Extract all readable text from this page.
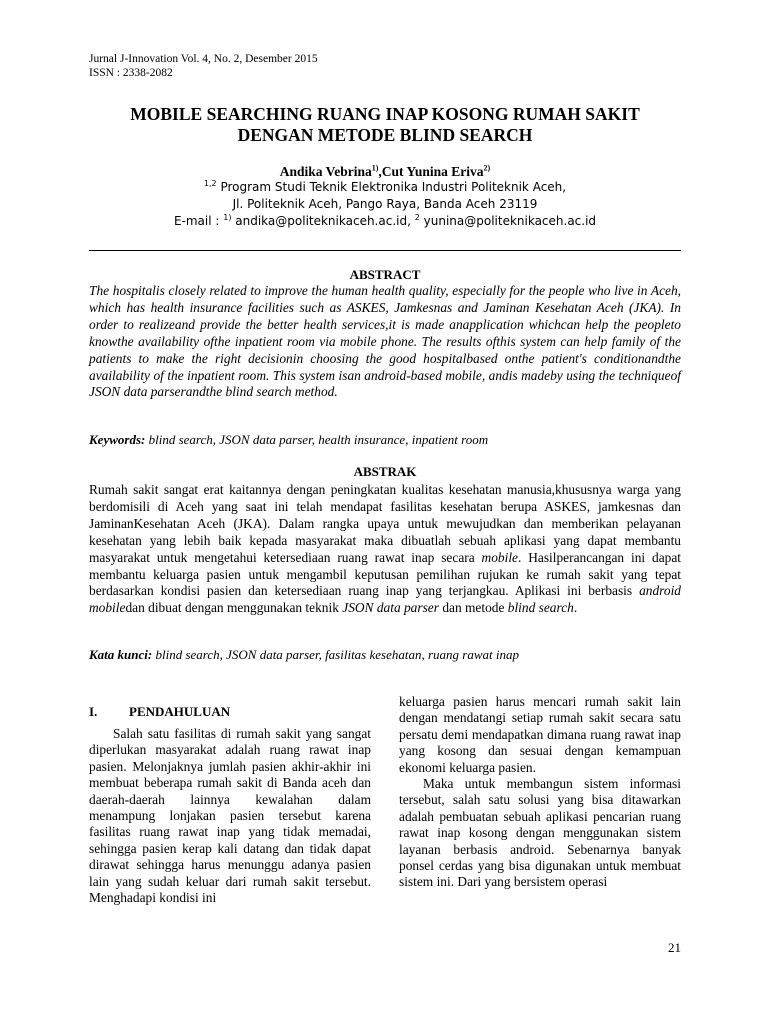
Jurnal J-Innovation Vol. 4, No. 2, Desember 2015
ISSN : 2338-2082
MOBILE SEARCHING RUANG INAP KOSONG RUMAH SAKIT
DENGAN METODE BLIND SEARCH
Andika Vebrina$^{1)}$,Cut Yunina Eriva$^{2)}$
$^{1,2}$ Program Studi Teknik Elektronika Industri Politeknik Aceh,
Jl. Politeknik Aceh, Pango Raya, Banda Aceh 23119
E-mail : $^{1)}$ andika@politeknikaceh.ac.id, $^2$ yunina@politeknikaceh.ac.id
ABSTRACT

The hospitalis closely related to improve the human health quality, especially for the people who live in Aceh, which has health insurance facilities such as ASKES, Jamkesnas and Jaminan Kesehatan Aceh (JKA). In order to realizeand provide the better health services,it is made anapplication whichcan help the peopleto knowthe availability ofthe inpatient room via mobile phone. The results ofthis system can help family of the patients to make the right decisionin choosing the good hospitalbased onthe patient's conditionandthe availability of the inpatient room. This system isan android-based mobile, andis madeby using the techniqueof JSON data parserandthe blind search method.

Keywords: blind search, JSON data parser, health insurance, inpatient room
ABSTRAK

Rumah sakit sangat erat kaitannya dengan peningkatan kualitas kesehatan manusia,khususnya warga yang berdomisili di Aceh yang saat ini telah mendapat fasilitas kesehatan berupa ASKES, jamkesnas dan JaminanKesehatan Aceh (JKA). Dalam rangka upaya untuk mewujudkan dan memberikan pelayanan kesehatan yang lebih baik kepada masyarakat maka dibuatlah sebuah aplikasi yang dapat membantu masyarakat untuk mengetahui ketersediaan ruang rawat inap secara mobile. Hasilperancangan ini dapat membantu keluarga pasien untuk mengambil keputusan pemilihan rujukan ke rumah sakit yang tepat berdasarkan kondisi pasien dan ketersediaan ruang inap yang terjangkau. Aplikasi ini berbasis android mobiledan dibuat dengan menggunakan teknik JSON data parser dan metode blind search.

Kata kunci: blind search, JSON data parser, fasilitas kesehatan, ruang rawat inap
I. PENDAHULUAN

Salah satu fasilitas di rumah sakit yang sangat diperlukan masyarakat adalah ruang rawat inap pasien. Melonjaknya jumlah pasien akhir-akhir ini membuat beberapa rumah sakit di Banda aceh dan daerah-daerah lainnya kewalahan dalam menampung lonjakan pasien tersebut karena fasilitas ruang rawat inap yang tidak memadai, sehingga pasien kerap kali datang dan tidak dapat dirawat sehingga harus menunggu adanya pasien lain yang sudah keluar dari rumah sakit tersebut. Menghadapi kondisi ini

keluarga pasien harus mencari rumah sakit lain dengan mendatangi setiap rumah sakit secara satu persatu demi mendapatkan dimana ruang rawat inap yang kosong dan sesuai dengan kemampuan ekonomi keluarga pasien.

Maka untuk membangun sistem informasi tersebut, salah satu solusi yang bisa ditawarkan adalah pembuatan sebuah aplikasi pencarian ruang rawat inap kosong dengan menggunakan sistem layanan berbasis android. Sebenarnya banyak ponsel cerdas yang bisa digunakan untuk membuat sistem ini. Dari yang bersistem operasi

21
